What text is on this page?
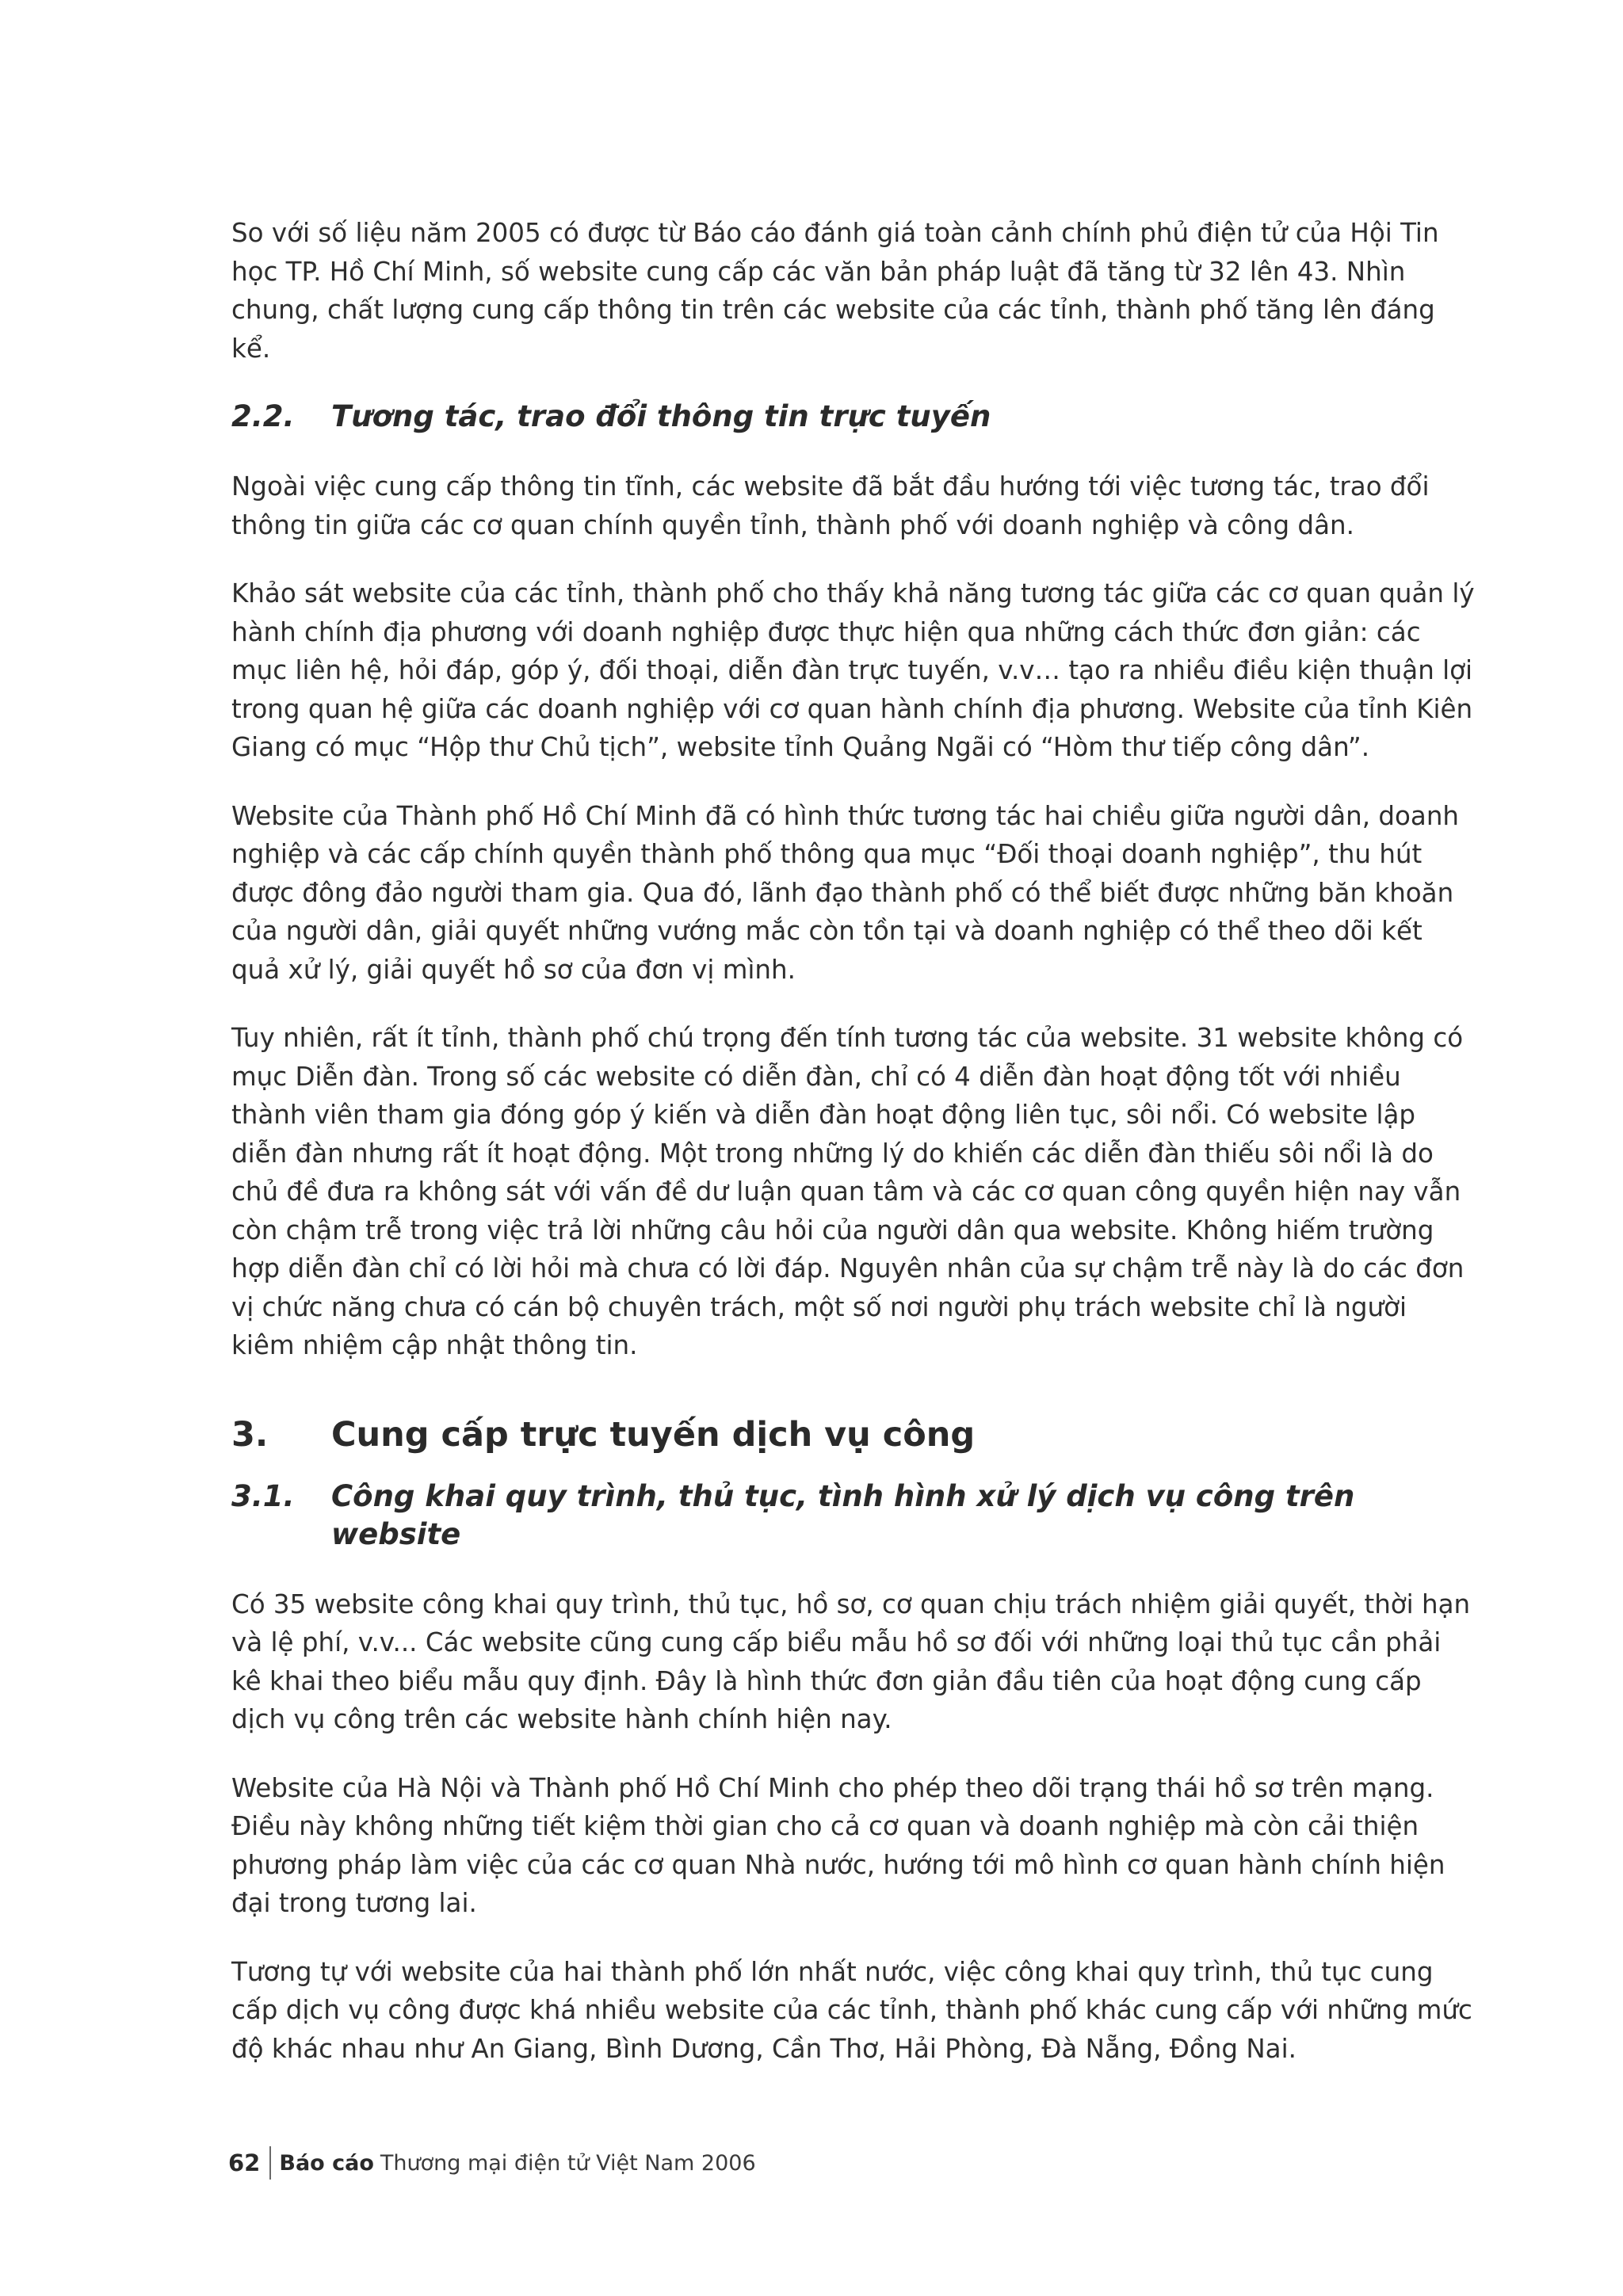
So với số liệu năm 2005 có được từ Báo cáo đánh giá toàn cảnh chính phủ điện tử của Hội Tin học TP. Hồ Chí Minh, số website cung cấp các văn bản pháp luật đã tăng từ 32 lên 43. Nhìn chung, chất lượng cung cấp thông tin trên các website của các tỉnh, thành phố tăng lên đáng kể.

2.2.	Tương tác, trao đổi thông tin trực tuyến

Ngoài việc cung cấp thông tin tĩnh, các website đã bắt đầu hướng tới việc tương tác, trao đổi thông tin giữa các cơ quan chính quyền tỉnh, thành phố với doanh nghiệp và công dân.

Khảo sát website của các tỉnh, thành phố cho thấy khả năng tương tác giữa các cơ quan quản lý hành chính địa phương với doanh nghiệp được thực hiện qua những cách thức đơn giản: các mục liên hệ, hỏi đáp, góp ý, đối thoại, diễn đàn trực tuyến, v.v… tạo ra nhiều điều kiện thuận lợi trong quan hệ giữa các doanh nghiệp với cơ quan hành chính địa phương. Website của tỉnh Kiên Giang có mục “Hộp thư Chủ tịch”, website tỉnh Quảng Ngãi có “Hòm thư tiếp công dân”.

Website của Thành phố Hồ Chí Minh đã có hình thức tương tác hai chiều giữa người dân, doanh nghiệp và các cấp chính quyền thành phố thông qua mục “Đối thoại doanh nghiệp”, thu hút được đông đảo người tham gia. Qua đó, lãnh đạo thành phố có thể biết được những băn khoăn của người dân, giải quyết những vướng mắc còn tồn tại và doanh nghiệp có thể theo dõi kết quả xử lý, giải quyết hồ sơ của đơn vị mình.

Tuy nhiên, rất ít tỉnh, thành phố chú trọng đến tính tương tác của website. 31 website không có mục Diễn đàn. Trong số các website có diễn đàn, chỉ có 4 diễn đàn hoạt động tốt với nhiều thành viên tham gia đóng góp ý kiến và diễn đàn hoạt động liên tục, sôi nổi. Có website lập diễn đàn nhưng rất ít hoạt động. Một trong những lý do khiến các diễn đàn thiếu sôi nổi là do chủ đề đưa ra không sát với vấn đề dư luận quan tâm và các cơ quan công quyền hiện nay vẫn còn chậm trễ trong việc trả lời những câu hỏi của người dân qua website. Không hiếm trường hợp diễn đàn chỉ có lời hỏi mà chưa có lời đáp. Nguyên nhân của sự chậm trễ này là do các đơn vị chức năng chưa có cán bộ chuyên trách, một số nơi người phụ trách website chỉ là người kiêm nhiệm cập nhật thông tin.

3.	Cung cấp trực tuyến dịch vụ công
3.1.	Công khai quy trình, thủ tục, tình hình xử lý dịch vụ công trên website

Có 35 website công khai quy trình, thủ tục, hồ sơ, cơ quan chịu trách nhiệm giải quyết, thời hạn và lệ phí, v.v... Các website cũng cung cấp biểu mẫu hồ sơ đối với những loại thủ tục cần phải kê khai theo biểu mẫu quy định. Đây là hình thức đơn giản đầu tiên của hoạt động cung cấp dịch vụ công trên các website hành chính hiện nay.

Website của Hà Nội và Thành phố Hồ Chí Minh cho phép theo dõi trạng thái hồ sơ trên mạng. Điều này không những tiết kiệm thời gian cho cả cơ quan và doanh nghiệp mà còn cải thiện phương pháp làm việc của các cơ quan Nhà nước, hướng tới mô hình cơ quan hành chính hiện đại trong tương lai.

Tương tự với website của hai thành phố lớn nhất nước, việc công khai quy trình, thủ tục cung cấp dịch vụ công được khá nhiều website của các tỉnh, thành phố khác cung cấp với những mức độ khác nhau như An Giang, Bình Dương, Cần Thơ, Hải Phòng, Đà Nẵng, Đồng Nai.

62 Báo cáo Thương mại điện tử Việt Nam 2006
